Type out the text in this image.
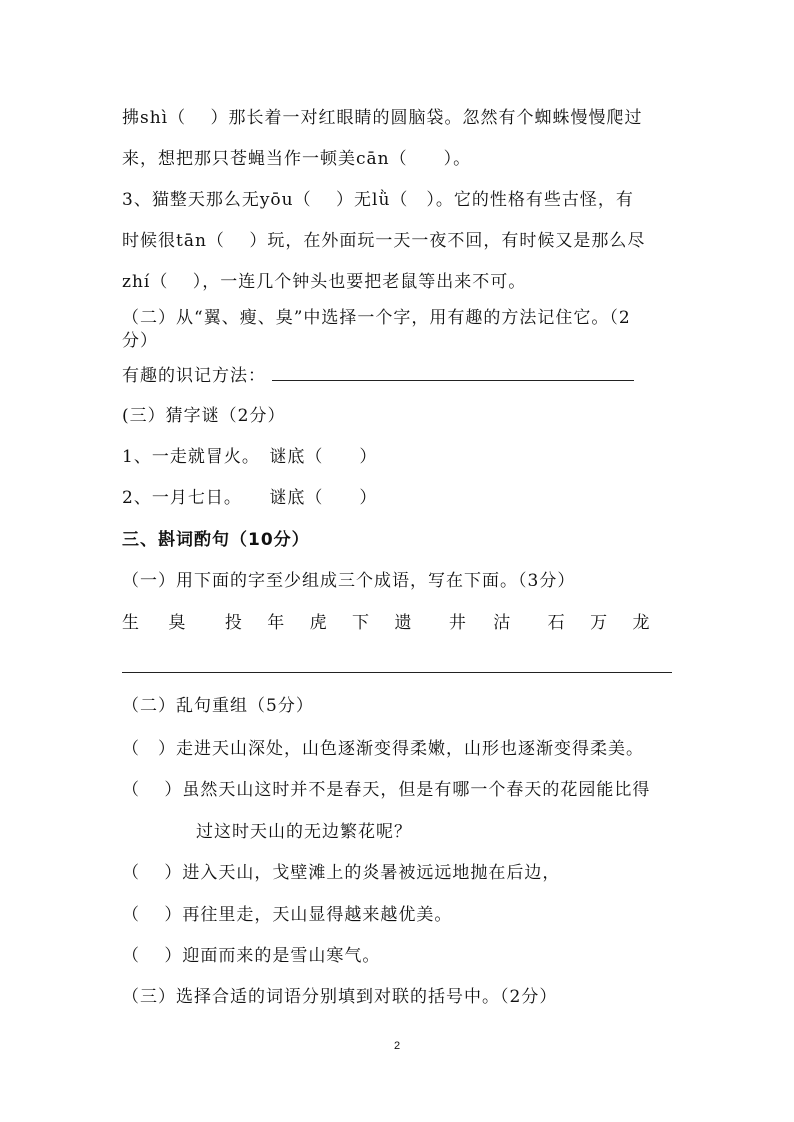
拂shì（　 ）那长着一对红眼睛的圆脑袋。忽然有个蜘蛛慢慢爬过
来，想把那只苍蝇当作一顿美cān（　　）。
3、猫整天那么无yōu（　 ）无lǜ（　）。它的性格有些古怪，有
时候很tān（　 ）玩，在外面玩一天一夜不回，有时候又是那么尽
zhí（　 ），一连几个钟头也要把老鼠等出来不可。
（二）从“翼、瘦、臭”中选择一个字，用有趣的方法记住它。（2
分）
有趣的识记方法：
(三）猜字谜（2分）
1、一走就冒火。　谜底（　　）
2、一月七日。　　谜底（　　）
三、斟词酌句（10分）
（一）用下面的字至少组成三个成语，写在下面。（3分）
生 臭 投 年 虎 下 遗 井 沽 石 万 龙
（二）乱句重组（5分）
（　）走进天山深处，山色逐渐变得柔嫩，山形也逐渐变得柔美。
（　 ）虽然天山这时并不是春天，但是有哪一个春天的花园能比得
过这时天山的无边繁花呢？
（　 ）进入天山，戈壁滩上的炎暑被远远地抛在后边，
（　 ）再往里走，天山显得越来越优美。
（　 ）迎面而来的是雪山寒气。
（三）选择合适的词语分别填到对联的括号中。（2分）
2
